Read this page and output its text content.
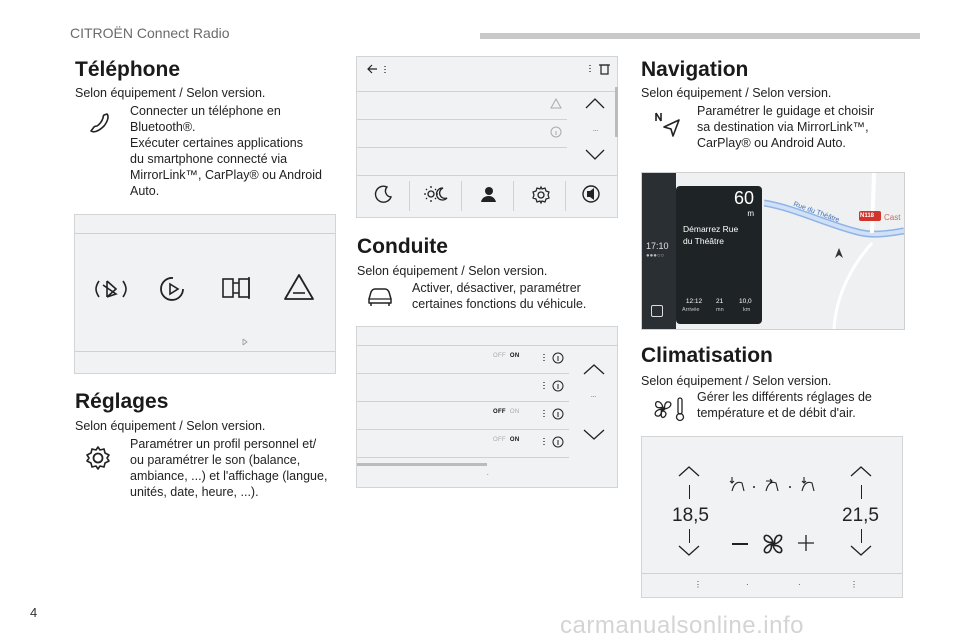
CITROËN Connect Radio
Téléphone
Selon équipement / Selon version.
Connecter un téléphone en
Bluetooth®.
Exécuter certaines applications
du smartphone connecté via
MirrorLink™, CarPlay® ou Android
Auto.
Réglages
Selon équipement / Selon version.
Paramétrer un profil personnel et/
ou paramétrer le son (balance,
ambiance, ...) et l'affichage (langue,
unités, date, heure, ...).
...
Conduite
Selon équipement / Selon version.
Activer, désactiver, paramétrer
certaines fonctions du véhicule.
.
OFF ON
OFF ON
OFF ON
...
Navigation
Selon équipement / Selon version.
Paramétrer le guidage et choisir
sa destination via MirrorLink™,
CarPlay® ou Android Auto.
17:10
●●●○○
N118
Rue du Théâtre	Cast
60
m
Démarrez Rue
du Théâtre
12:12
Arrivée
21
mn
10,0
km
Climatisation
Selon équipement / Selon version.
Gérer les différents réglages de
température et de débit d'air.
18,5	21,5
⋮	·	·	⋮
4	carmanualsonline.info
